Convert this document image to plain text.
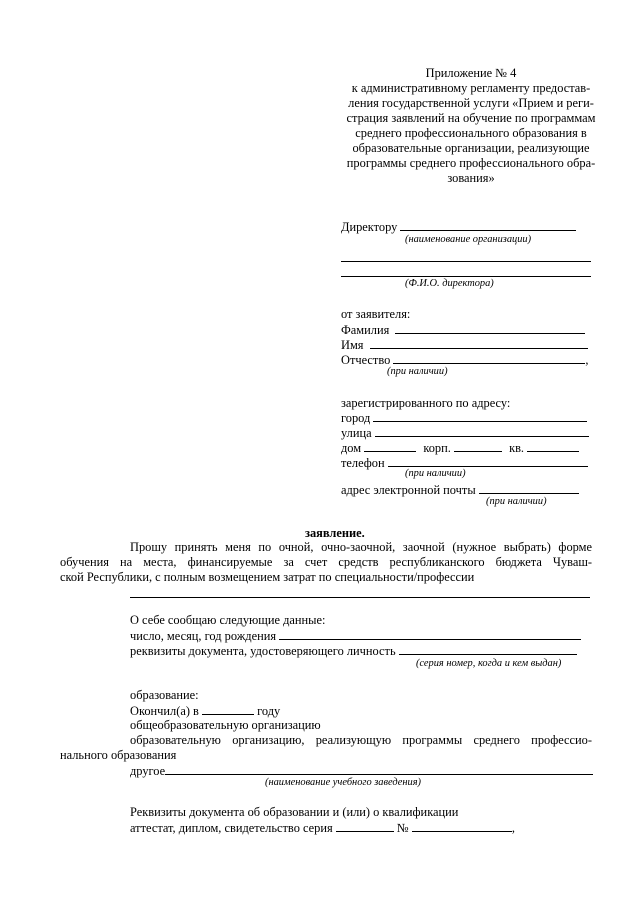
Приложение № 4
к административному регламенту предостав-
ления государственной услуги «Прием и реги-
страция заявлений на обучение по программам
среднего профессионального образования в
образовательные организации, реализующие
программы среднего профессионального обра-
зования»
Директору
(наименование организации)
(Ф.И.О. директора)
от заявителя:
Фамилия
Имя
Отчество	,
(при наличии)
зарегистрированного по адресу:
город
улица
дом	корп.	кв.
телефон
(при наличии)
адрес электронной почты
(при наличии)
заявление.
Прошу принять меня по очной, очно-заочной, заочной (нужное выбрать) форме
обучения на места, финансируемые за счет средств республиканского бюджета Чуваш-
ской Республики, с полным возмещением затрат по специальности/профессии
О себе сообщаю следующие данные:
число, месяц, год рождения
реквизиты документа, удостоверяющего личность
(серия номер, когда и кем выдан)
образование:
Окончил(а) в	году
общеобразовательную организацию
образовательную организацию, реализующую программы среднего профессио-
нального образования
другое
(наименование учебного заведения)
Реквизиты документа об образовании и (или) о квалификации
аттестат, диплом, свидетельство серия	№	,
